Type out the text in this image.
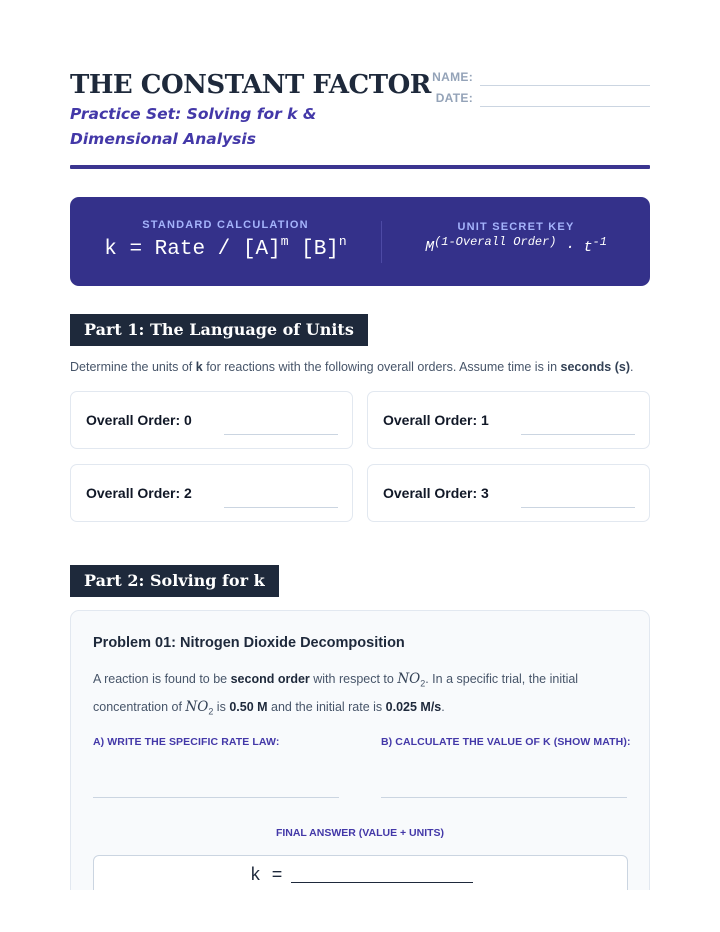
THE CONSTANT FACTOR
Practice Set: Solving for k & Dimensional Analysis
NAME:
DATE:
STANDARD CALCULATION
k = Rate / $[A]^m$ $[B]^n$
UNIT SECRET KEY
$M^{(1-Overall Order)} \cdot t^{-1}$
Part 1: The Language of Units
Determine the units of k for reactions with the following overall orders. Assume time is in seconds (s).
Overall Order: 0	Overall Order: 1
Overall Order: 2	Overall Order: 3
Part 2: Solving for k
Problem 01: Nitrogen Dioxide Decomposition
A reaction is found to be second order with respect to $NO_2$. In a specific trial, the initial concentration of $NO_2$ is 0.50 M and the initial rate is 0.025 M/s.
A) WRITE THE SPECIFIC RATE LAW:	B) CALCULATE THE VALUE OF K (SHOW MATH):
FINAL ANSWER (VALUE + UNITS)
k =
